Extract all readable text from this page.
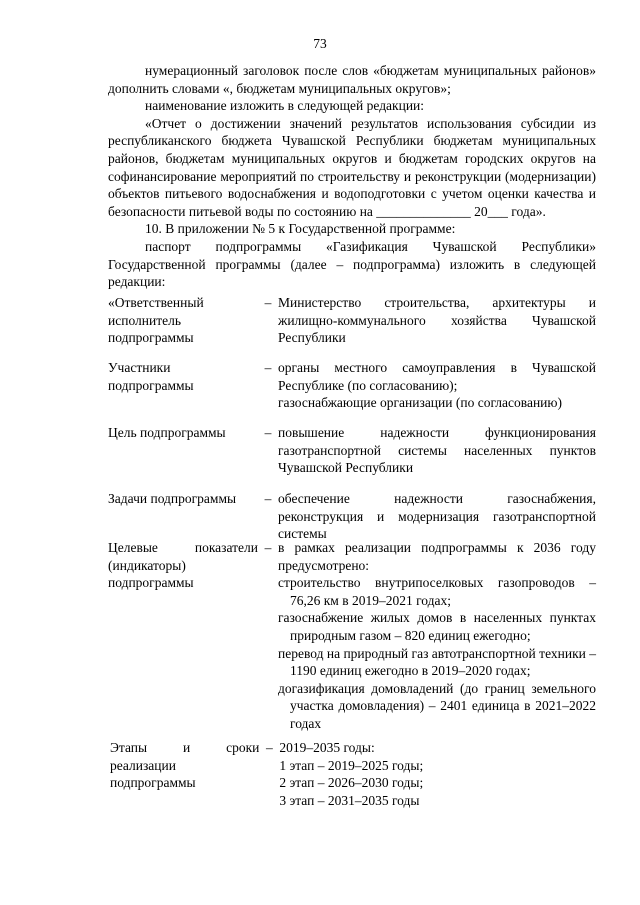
73

нумерационный заголовок после слов «бюджетам муниципальных районов» дополнить словами «, бюджетам муниципальных округов»;

наименование изложить в следующей редакции:

«Отчет о достижении значений результатов использования субсидии из республиканского бюджета Чувашской Республики бюджетам муниципальных районов, бюджетам муниципальных округов и бюджетам городских округов на софинансирование мероприятий по строительству и реконструкции (модернизации) объектов питьевого водоснабжения и водоподготовки с учетом оценки качества и безопасности питьевой воды по состоянию на ______________ 20___ года».

10. В приложении № 5 к Государственной программе:

паспорт подпрограммы «Газификация Чувашской Республики» Государственной программы (далее – подпрограмма) изложить в следующей редакции:

«Ответственный исполнитель подпрограммы
– Министерство строительства, архитектуры и жилищно-коммунального хозяйства Чувашской Республики

Участники подпрограммы
– органы местного самоуправления в Чувашской Республике (по согласованию);

газоснабжающие организации (по согласованию)

Цель подпрограммы	– повышение надежности функционирования газотранспортной системы населенных пунктов Чувашской Республики

Задачи подпрограммы	– обеспечение надежности газоснабжения, реконструкция и модернизация газотранспортной системы

Целевые показатели (индикаторы) подпрограммы
– в рамках реализации подпрограммы к 2036 году предусмотрено:

строительство внутрипоселковых газопроводов – 76,26 км в 2019–2021 годах;

газоснабжение жилых домов в населенных пунктах природным газом – 820 единиц ежегодно;

перевод на природный газ автотранспортной техники – 1190 единиц ежегодно в 2019–2020 годах;

догазификация домовладений (до границ земельного участка домовладения) – 2401 единица в 2021–2022 годах

Этапы и сроки реализации подпрограммы
– 2019–2035 годы:

1 этап – 2019–2025 годы;

2 этап – 2026–2030 годы;

3 этап – 2031–2035 годы
